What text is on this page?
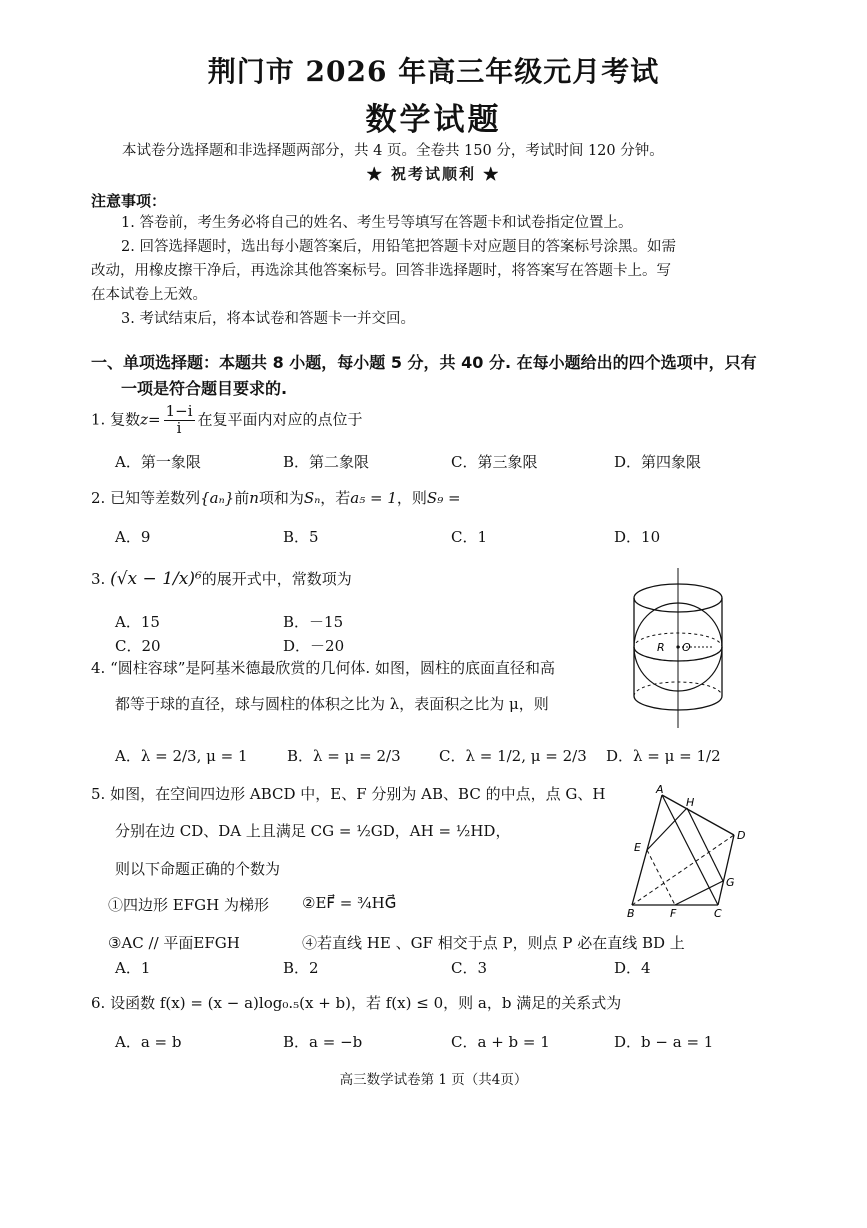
荆门市 2026 年高三年级元月考试
数学试题
本试卷分选择题和非选择题两部分，共 4 页。全卷共 150 分，考试时间 120 分钟。
★ 祝考试顺利 ★
注意事项：
1. 答卷前，考生务必将自己的姓名、考生号等填写在答题卡和试卷指定位置上。
2. 回答选择题时，选出每小题答案后，用铅笔把答题卡对应题目的答案标号涂黑。如需
改动，用橡皮擦干净后，再选涂其他答案标号。回答非选择题时，将答案写在答题卡上。写
在本试卷上无效。
3. 考试结束后，将本试卷和答题卡一并交回。
一、单项选择题：本题共 8 小题，每小题 5 分，共 40 分. 在每小题给出的四个选项中，只有
一项是符合题目要求的.
1. 复数$z= \frac{1-i}{i}$ 在复平面内对应的点位于
A．第一象限	B．第二象限	C．第三象限	D．第四象限
2. 已知等差数列{aₙ}前n项和为Sₙ，若a₅ = 1，则S₉ =
A．9	B．5	C．1	D．10
3. (√x − 1/x)⁶的展开式中，常数项为
A．15	B．－15
C．20	D．－20	R O
4. “圆柱容球”是阿基米德最欣赏的几何体. 如图，圆柱的底面直径和高
都等于球的直径，球与圆柱的体积之比为 λ，表面积之比为 μ，则
A．λ = 2/3, μ = 1	B．λ = μ = 2/3	C．λ = 1/2, μ = 2/3 D．λ = μ = 1/2
5. 如图，在空间四边形 ABCD 中，E、F 分别为 AB、BC 的中点，点 G、H
分别在边 CD、DA 上且满足 CG = ½GD，AH = ½HD，
则以下命题正确的个数为
①四边形 EFGH 为梯形 ②EF⃗ = ¾HG⃗
③AC // 平面EFGH	④若直线 HE 、GF 相交于点 P，则点 P 必在直线 BD 上
A．1	B．2	C．3	D．4
A
H
D
E
G
B	F	C
6. 设函数 f(x) = (x − a)log₀.₅(x + b)，若 f(x) ≤ 0，则 a，b 满足的关系式为
A．a = b	B．a = −b	C．a + b = 1	D．b − a = 1
高三数学试卷第 1 页（共4页）
